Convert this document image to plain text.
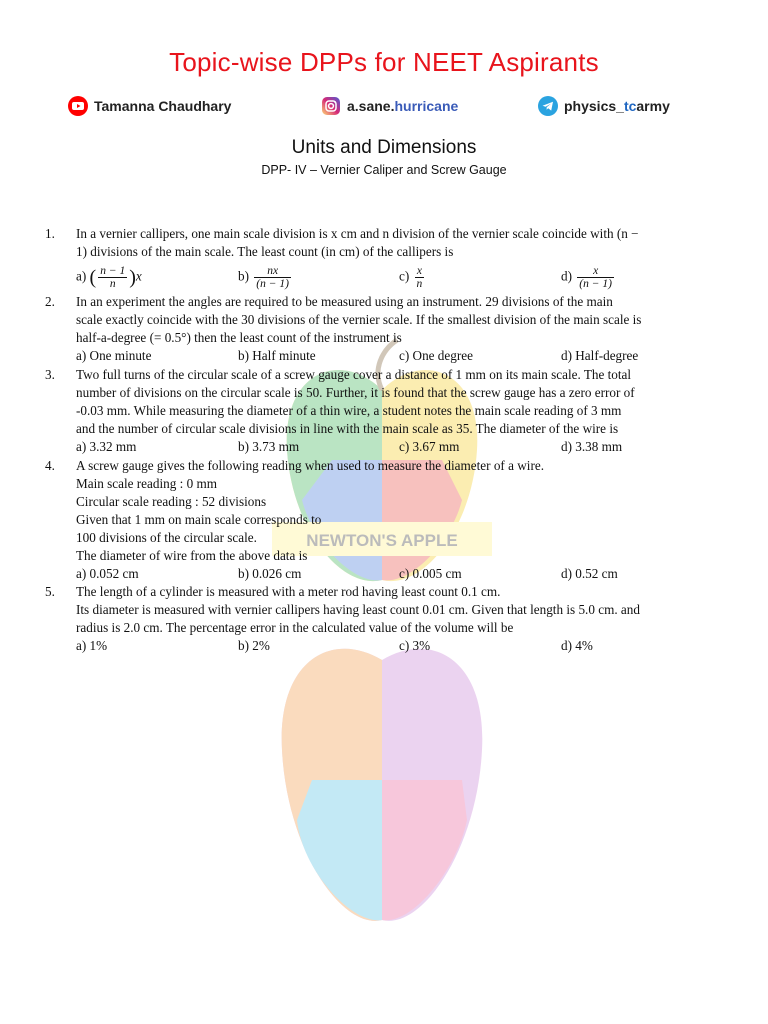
NEWTON'S APPLE
Topic-wise DPPs for NEET Aspirants
Tamanna Chaudhary	a.sane. hurricane	physics_ tc army
Units and Dimensions
DPP- IV – Vernier Caliper and Screw Gauge
1. In a vernier callipers, one main scale division is x cm and n division of the vernier scale coincide with (n −
1) divisions of the main scale. The least count (in cm) of the callipers is
a) ( $\frac{n - 1}{n} )x$	$b) \frac{nx}{(n - 1)}$	$c) \frac{x}{n}$	$d) \frac{x}{(n - 1)}$
2. In an experiment the angles are required to be measured using an instrument. 29 divisions of the main
scale exactly coincide with the 30 divisions of the vernier scale. If the smallest division of the main scale is
half-a-degree (= 0.5°) then the least count of the instrument is
a) One minute	b) Half minute	c) One degree	d) Half-degree
3. Two full turns of the circular scale of a screw gauge cover a distance of 1 mm on its main scale. The total
number of divisions on the circular scale is 50. Further, it is found that the screw gauge has a zero error of
-0.03 mm. While measuring the diameter of a thin wire, a student notes the main scale reading of 3 mm
and the number of circular scale divisions in line with the main scale as 35. The diameter of the wire is
a) 3.32 mm	b) 3.73 mm	c) 3.67 mm	d) 3.38 mm
4. A screw gauge gives the following reading when used to measure the diameter of a wire.
Main scale reading : 0 mm
Circular scale reading : 52 divisions
Given that 1 mm on main scale corresponds to
100 divisions of the circular scale.
The diameter of wire from the above data is
a) 0.052 cm	b) 0.026 cm	c) 0.005 cm	d) 0.52 cm
5. The length of a cylinder is measured with a meter rod having least count 0.1 cm.
Its diameter is measured with vernier callipers having least count 0.01 cm. Given that length is 5.0 cm. and
radius is 2.0 cm. The percentage error in the calculated value of the volume will be
a) 1%	b) 2%	c) 3%	d) 4%
